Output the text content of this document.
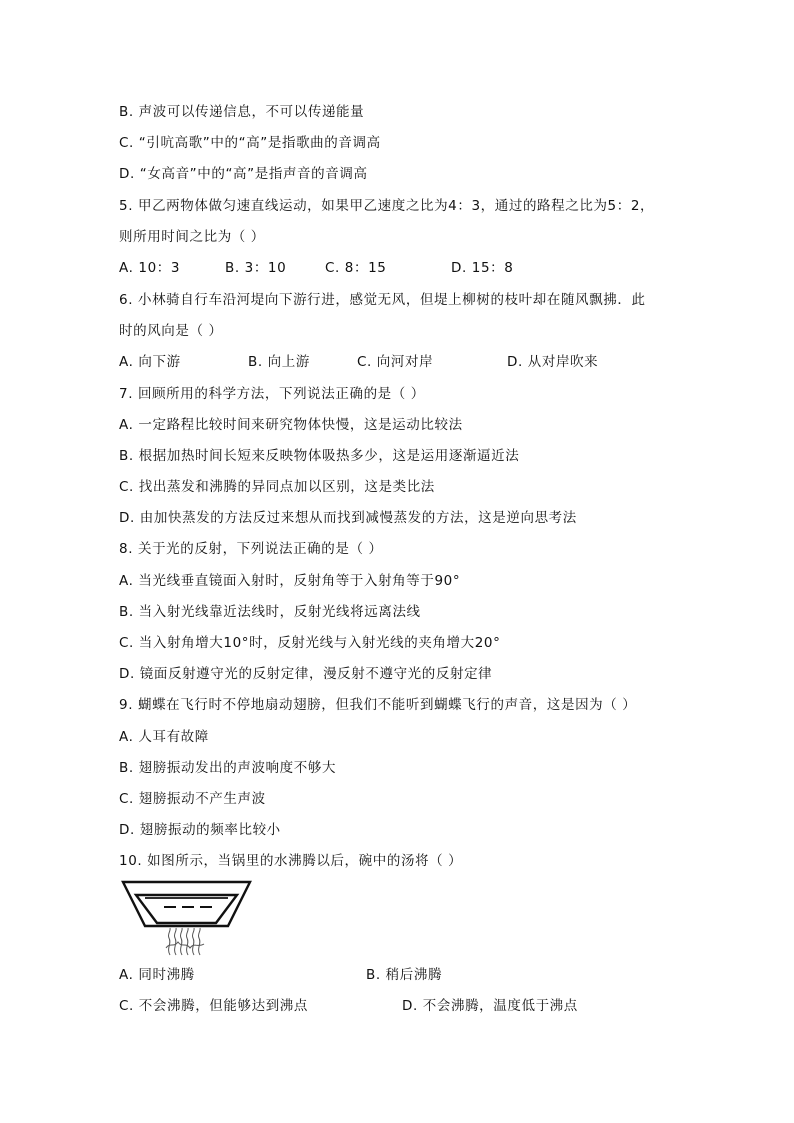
B. 声波可以传递信息，不可以传递能量
C. “引吭高歌”中的“高”是指歌曲的音调高
D. “女高音”中的“高”是指声音的音调高
5. 甲乙两物体做匀速直线运动，如果甲乙速度之比为4：3，通过的路程之比为5：2，
则所用时间之比为（ ）
A. 10：3	B. 3：10	C. 8：15	D. 15：8
6. 小林骑自行车沿河堤向下游行进，感觉无风，但堤上柳树的枝叶却在随风飘拂．此
时的风向是（ ）
A. 向下游	B. 向上游	C. 向河对岸	D. 从对岸吹来
7. 回顾所用的科学方法，下列说法正确的是（ ）
A. 一定路程比较时间来研究物体快慢，这是运动比较法
B. 根据加热时间长短来反映物体吸热多少，这是运用逐渐逼近法
C. 找出蒸发和沸腾的异同点加以区别，这是类比法
D. 由加快蒸发的方法反过来想从而找到减慢蒸发的方法，这是逆向思考法
8. 关于光的反射，下列说法正确的是（ ）
A. 当光线垂直镜面入射时，反射角等于入射角等于90°
B. 当入射光线靠近法线时，反射光线将远离法线
C. 当入射角增大10°时，反射光线与入射光线的夹角增大20°
D. 镜面反射遵守光的反射定律，漫反射不遵守光的反射定律
9. 蝴蝶在飞行时不停地扇动翅膀，但我们不能听到蝴蝶飞行的声音，这是因为（ ）
A. 人耳有故障
B. 翅膀振动发出的声波响度不够大
C. 翅膀振动不产生声波
D. 翅膀振动的频率比较小
10. 如图所示，当锅里的水沸腾以后，碗中的汤将（ ）
A. 同时沸腾	B. 稍后沸腾
C. 不会沸腾，但能够达到沸点	D. 不会沸腾，温度低于沸点
